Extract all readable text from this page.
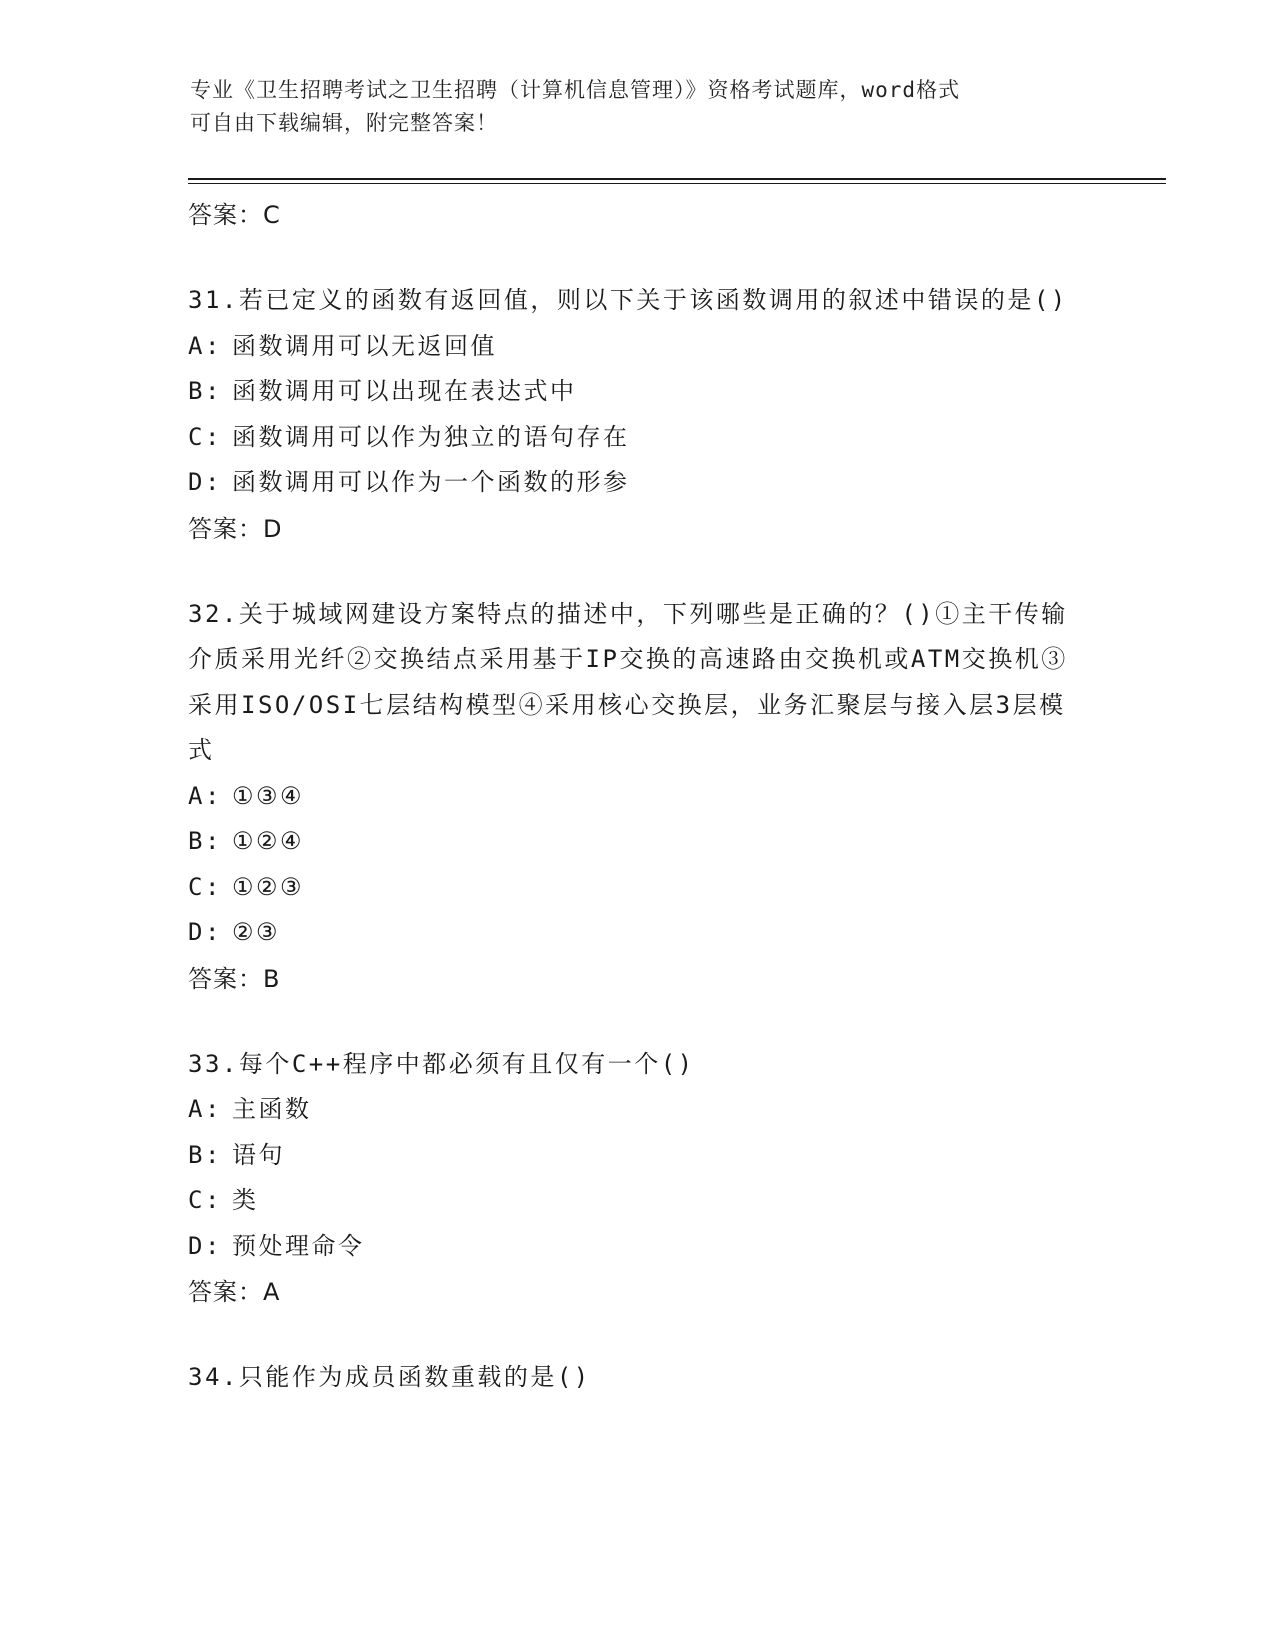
专业《卫生招聘考试之卫生招聘（计算机信息管理）》资格考试题库，word格式
可自由下载编辑，附完整答案！

答案：C

31.若已定义的函数有返回值，则以下关于该函数调用的叙述中错误的是()

A: 函数调用可以无返回值

B: 函数调用可以出现在表达式中

C: 函数调用可以作为独立的语句存在

D: 函数调用可以作为一个函数的形参

答案：D

32.关于城域网建设方案特点的描述中，下列哪些是正确的？()①主干传输介质采用光纤②交换结点采用基于IP交换的高速路由交换机或ATM交换机③采用ISO/OSI七层结构模型④采用核心交换层，业务汇聚层与接入层3层模式

A: ①③④

B: ①②④

C: ①②③

D: ②③

答案：B

33.每个C++程序中都必须有且仅有一个()

A: 主函数

B: 语句

C: 类

D: 预处理命令

答案：A

34.只能作为成员函数重载的是()
